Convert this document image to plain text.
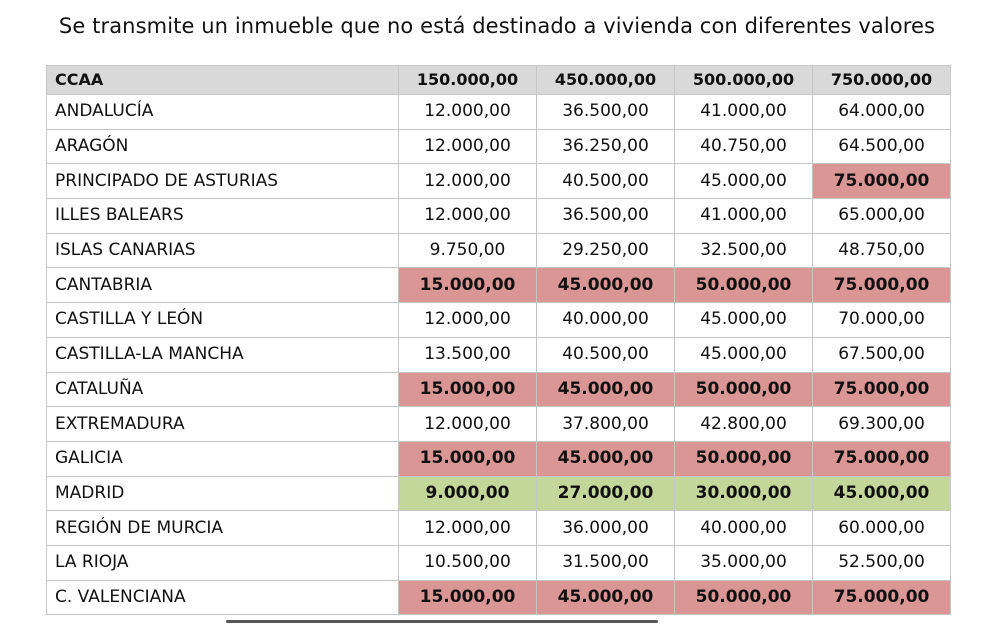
Se transmite un inmueble que no está destinado a vivienda con diferentes valores
CCAA	150.000,00	450.000,00	500.000,00	750.000,00
ANDALUCÍA	12.000,00	36.500,00	41.000,00	64.000,00
ARAGÓN	12.000,00	36.250,00	40.750,00	64.500,00
PRINCIPADO DE ASTURIAS	12.000,00	40.500,00	45.000,00	75.000,00
ILLES BALEARS	12.000,00	36.500,00	41.000,00	65.000,00
ISLAS CANARIAS	9.750,00	29.250,00	32.500,00	48.750,00
CANTABRIA	15.000,00	45.000,00	50.000,00	75.000,00
CASTILLA Y LEÓN	12.000,00	40.000,00	45.000,00	70.000,00
CASTILLA-LA MANCHA	13.500,00	40.500,00	45.000,00	67.500,00
CATALUÑA	15.000,00	45.000,00	50.000,00	75.000,00
EXTREMADURA	12.000,00	37.800,00	42.800,00	69.300,00
GALICIA	15.000,00	45.000,00	50.000,00	75.000,00
MADRID	9.000,00	27.000,00	30.000,00	45.000,00
REGIÓN DE MURCIA	12.000,00	36.000,00	40.000,00	60.000,00
LA RIOJA	10.500,00	31.500,00	35.000,00	52.500,00
C. VALENCIANA	15.000,00	45.000,00	50.000,00	75.000,00
